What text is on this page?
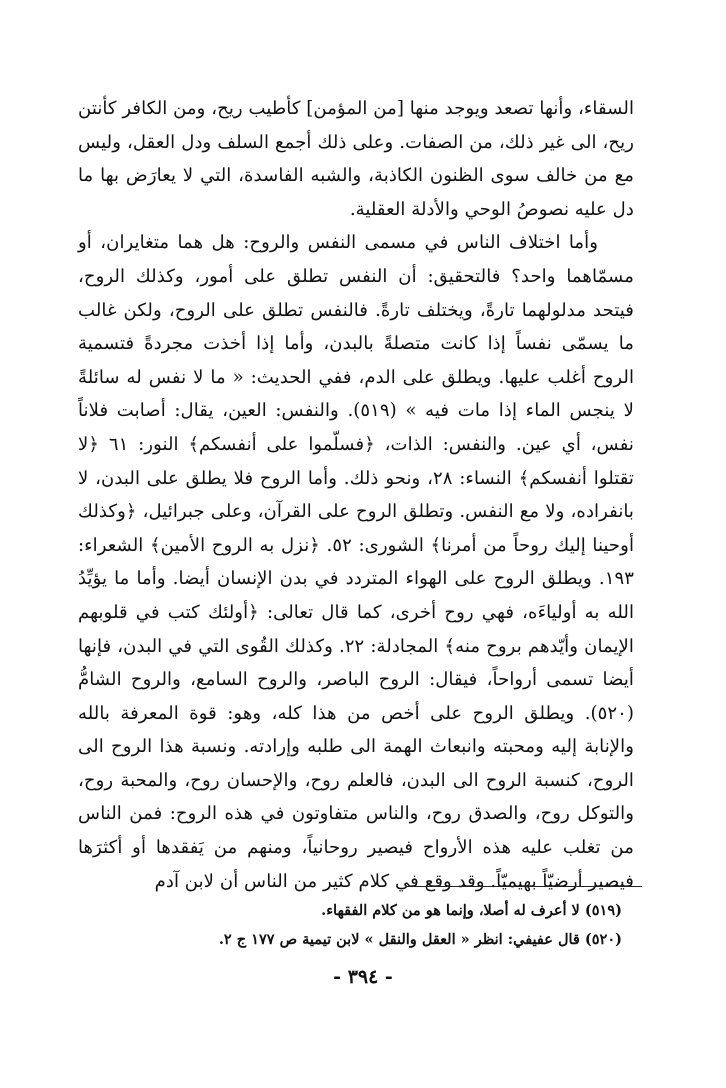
السقاء، وأنها تصعد ويوجد منها [من المؤمن] كأطيب ريح، ومن الكافر كأنتن ريح، الى غير ذلك، من الصفات. وعلى ذلك أجمع السلف ودل العقل، وليس مع من خالف سوى الظنون الكاذبة، والشبه الفاسدة، التي لا يعارَض بها ما دل عليه نصوصُ الوحي والأدلة العقلية.

وأما اختلاف الناس في مسمى النفس والروح: هل هما متغايران، أو مسمّاهما واحد؟ فالتحقيق: أن النفس تطلق على أمور، وكذلك الروح، فيتحد مدلولهما تارةً، ويختلف تارةً. فالنفس تطلق على الروح، ولكن غالب ما يسمّى نفساً إذا كانت متصلةً بالبدن، وأما إذا أخذت مجردةً فتسمية الروح أغلب عليها. ويطلق على الدم، ففي الحديث: « ما لا نفس له سائلةً لا ينجس الماء إذا مات فيه » (٥١٩). والنفس: العين، يقال: أصابت فلاناً نفس، أي عين. والنفس: الذات، ﴿فسلّموا على أنفسكم﴾ النور: ٦١ ﴿لا تقتلوا أنفسكم﴾ النساء: ٢٨، ونحو ذلك. وأما الروح فلا يطلق على البدن، لا بانفراده، ولا مع النفس. وتطلق الروح على القرآن، وعلى جبرائيل، ﴿وكذلك أوحينا إليك روحاً من أمرنا﴾ الشورى: ٥٢. ﴿نزل به الروح الأمين﴾ الشعراء: ١٩٣. ويطلق الروح على الهواء المتردد في بدن الإنسان أيضا. وأما ما يؤيِّدُ الله به أولياءَه، فهي روح أخرى، كما قال تعالى: ﴿أولئك كتب في قلوبهم الإيمان وأيّدهم بروح منه﴾ المجادلة: ٢٢. وكذلك القُوى التي في البدن، فإنها أيضا تسمى أرواحاً، فيقال: الروح الباصر، والروح السامع، والروح الشامُّ (٥٢٠). ويطلق الروح على أخص من هذا كله، وهو: قوة المعرفة بالله والإنابة إليه ومحبته وانبعاث الهمة الى طلبه وإرادته. ونسبة هذا الروح الى الروح، كنسبة الروح الى البدن، فالعلم روح، والإحسان روح، والمحبة روح، والتوكل روح، والصدق روح، والناس متفاوتون في هذه الروح: فمن الناس من تغلب عليه هذه الأرواح فيصير روحانياً، ومنهم من يَفقدها أو أكثرَها فيصير أرضيّاً بهيميّاً. وقد وقع في كلام كثير من الناس أن لابن آدم

(٥١٩) لا أعرف له أصلا، وإنما هو من كلام الفقهاء.

(٥٢٠) قال عفيفي: انظر « العقل والنقل » لابن تيمية ص ١٧٧ ج ٢.

- ٣٩٤ -
